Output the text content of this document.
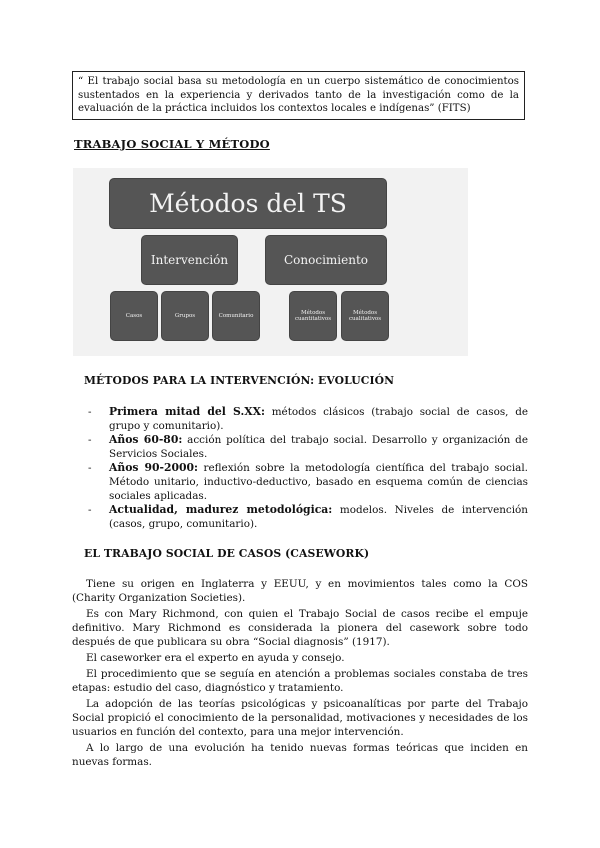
“ El trabajo social basa su metodología en un cuerpo sistemático de conocimientos sustentados en la experiencia y derivados tanto de la investigación como de la evaluación de la práctica incluidos los contextos locales e indígenas” (FITS)
TRABAJO SOCIAL Y MÉTODO
Métodos del TS
Intervención	Conocimiento
Casos	Grupos	Comunitario	Métodos cuantitativos
Métodos cualitativos
MÉTODOS PARA LA INTERVENCIÓN: EVOLUCIÓN
- Primera mitad del S.XX: métodos clásicos (trabajo social de casos, de grupo y comunitario).
- Años 60-80: acción política del trabajo social. Desarrollo y organización de Servicios Sociales.
- Años 90-2000: reflexión sobre la metodología científica del trabajo social. Método unitario, inductivo-deductivo, basado en esquema común de ciencias sociales aplicadas.
- Actualidad, madurez metodológica: modelos. Niveles de intervención (casos, grupo, comunitario).
EL TRABAJO SOCIAL DE CASOS (CASEWORK)

Tiene su origen en Inglaterra y EEUU, y en movimientos tales como la COS (Charity Organization Societies).

Es con Mary Richmond, con quien el Trabajo Social de casos recibe el empuje definitivo. Mary Richmond es considerada la pionera del casework sobre todo después de que publicara su obra “Social diagnosis” (1917).

El caseworker era el experto en ayuda y consejo.

El procedimiento que se seguía en atención a problemas sociales constaba de tres etapas: estudio del caso, diagnóstico y tratamiento.

La adopción de las teorías psicológicas y psicoanalíticas por parte del Trabajo Social propició el conocimiento de la personalidad, motivaciones y necesidades de los usuarios en función del contexto, para una mejor intervención.

A lo largo de una evolución ha tenido nuevas formas teóricas que inciden en nuevas formas.
